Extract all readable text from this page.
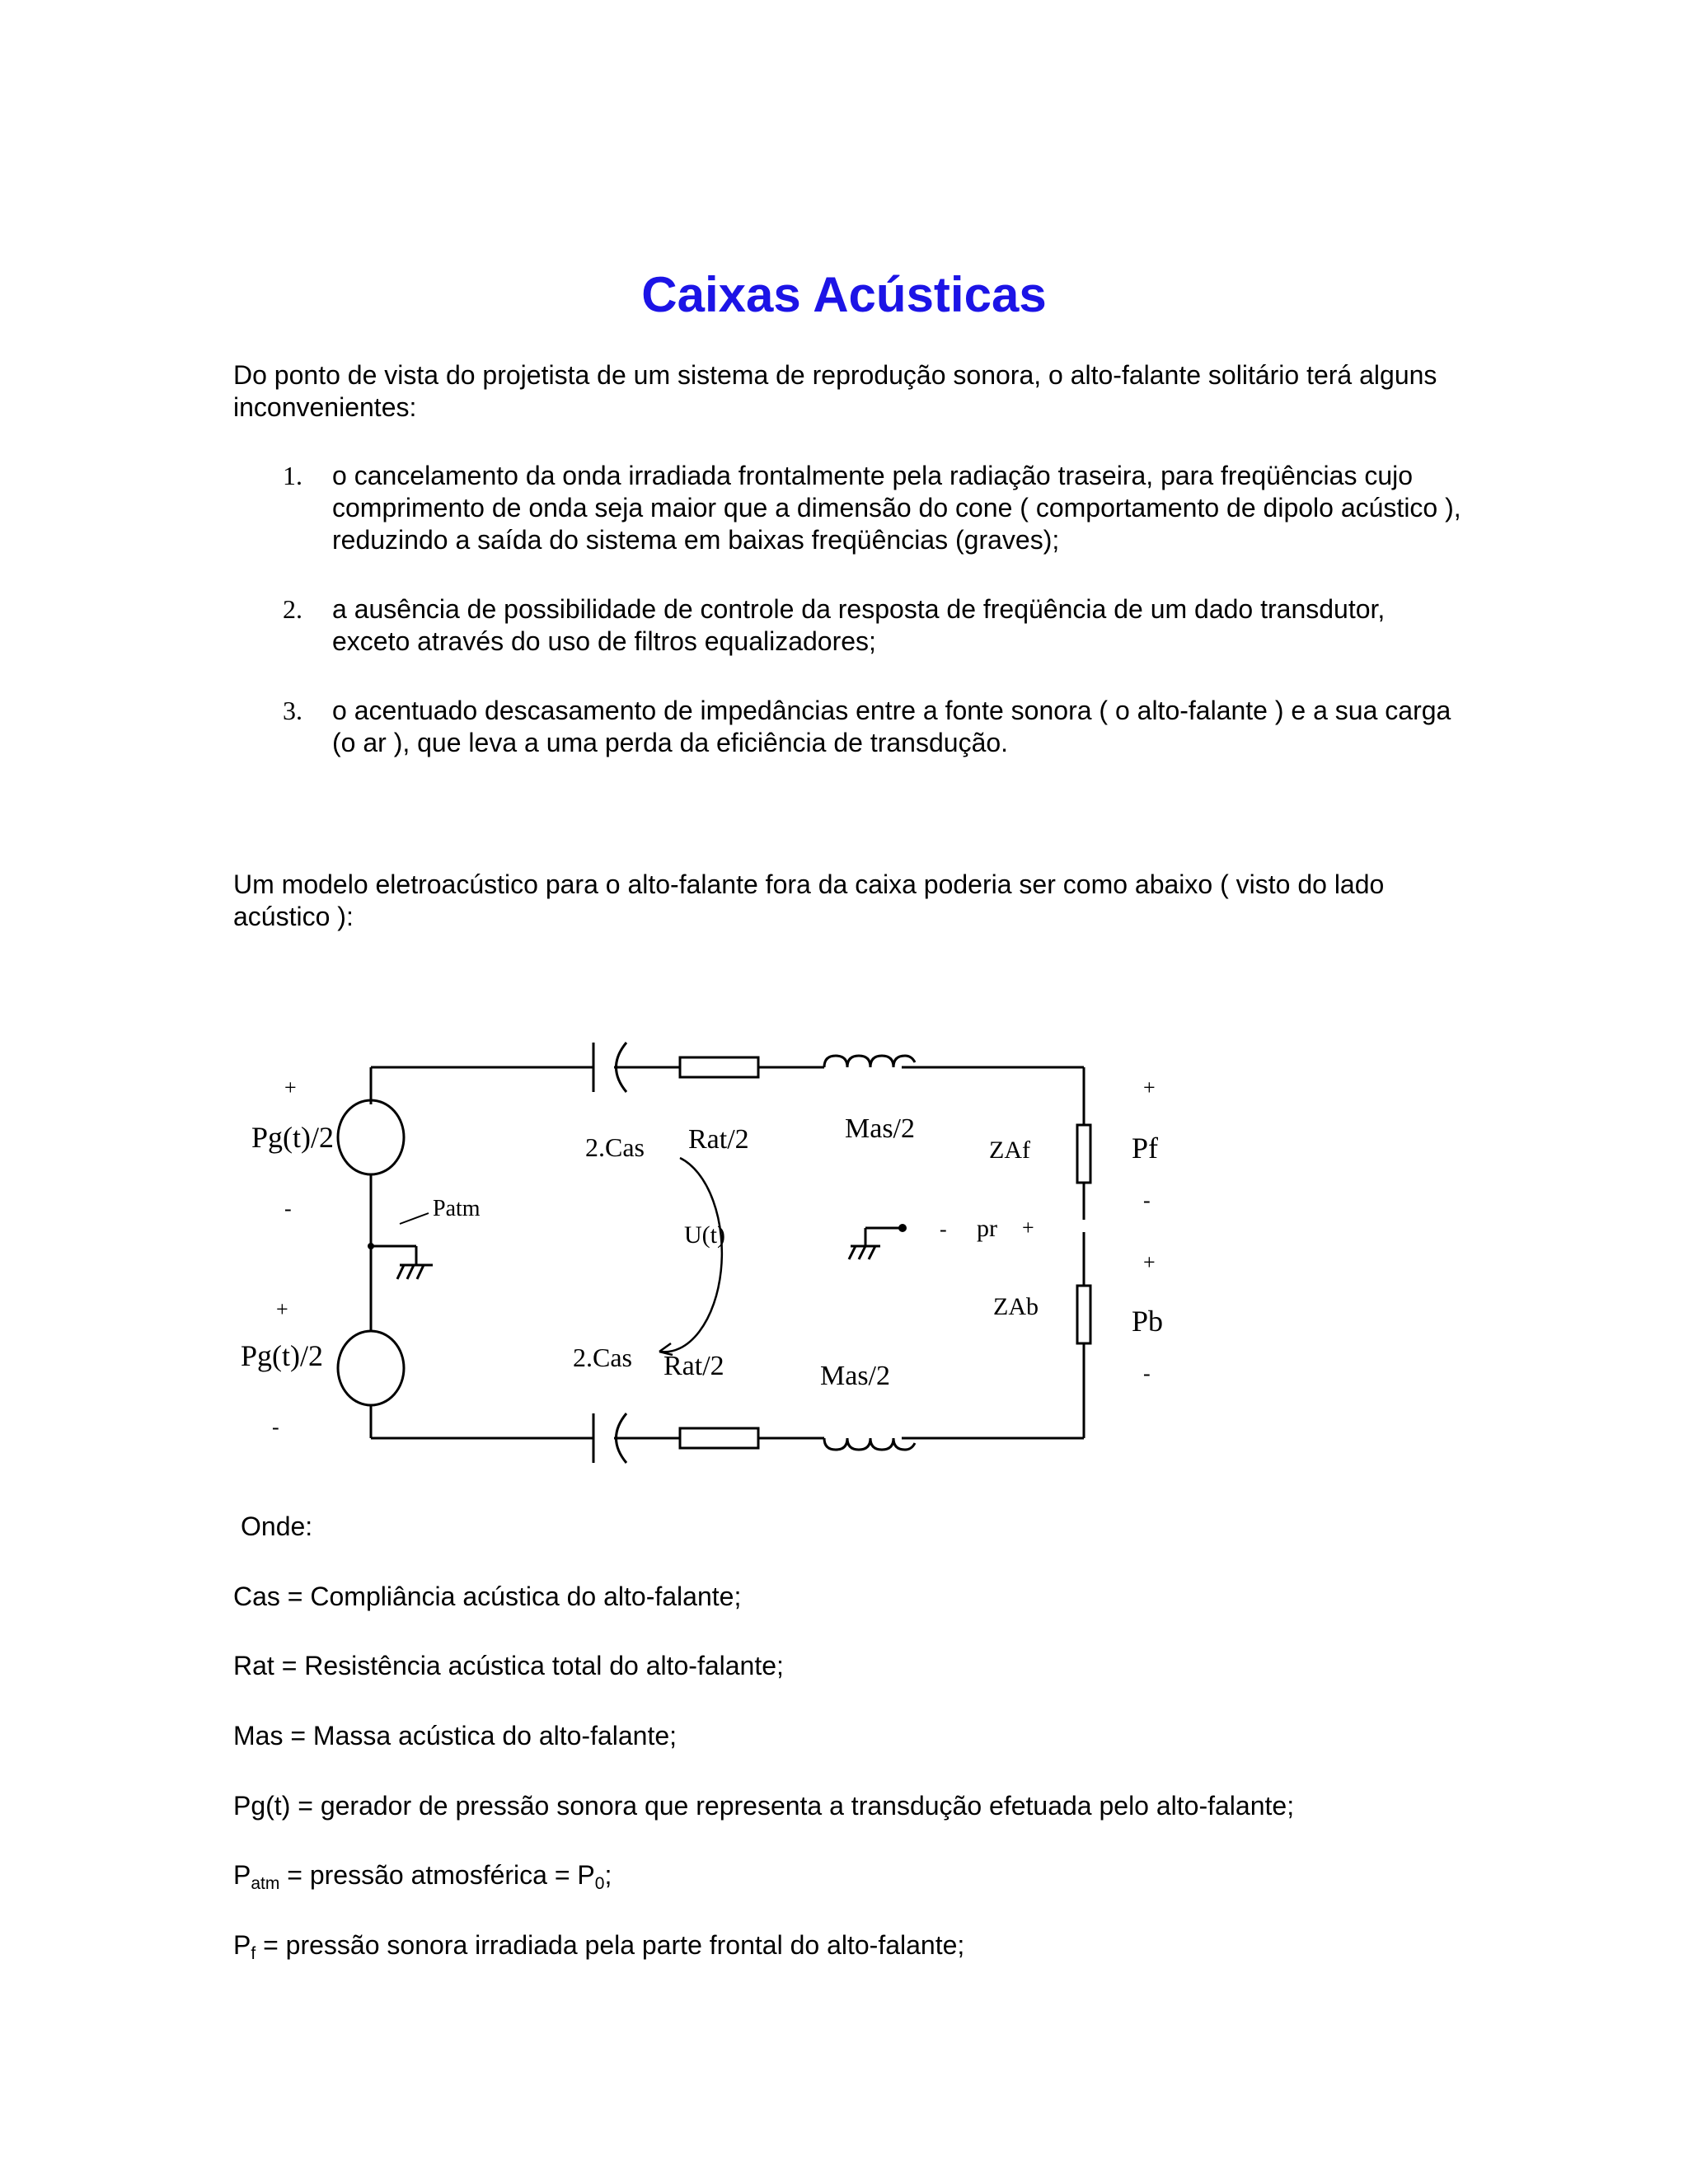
Caixas Acústicas

Do ponto de vista do projetista de um sistema de reprodução sonora, o alto-falante solitário terá alguns inconvenientes:

1.	o cancelamento da onda irradiada frontalmente pela radiação traseira, para freqüências cujo comprimento de onda seja maior que a dimensão do cone ( comportamento de dipolo acústico ), reduzindo a saída do sistema em baixas freqüências (graves);
2.	a ausência de possibilidade de controle da resposta de freqüência de um dado transdutor, exceto através do uso de filtros equalizadores;
3.	o acentuado descasamento de impedâncias entre a fonte sonora ( o alto-falante ) e a sua carga (o ar ), que leva a uma perda da eficiência de transdução.

Um modelo eletroacústico para o alto-falante fora da caixa poderia ser como abaixo ( visto do lado acústico ):

+
Pg(t)/2
-	Patm
+
Pg(t)/2
-
2.Cas Rat/2	Mas/2
U(t)
2.Cas Rat/2	Mas/2
ZAf
ZAb
- pr +
+
Pf
-
+
Pb
-

Onde:

Cas = Compliância acústica do alto-falante;

Rat = Resistência acústica total do alto-falante;

Mas = Massa acústica do alto-falante;

Pg(t) = gerador de pressão sonora que representa a transdução efetuada pelo alto-falante;

$P_{atm}$ = pressão atmosférica = $P_0$;

$P_f$ = pressão sonora irradiada pela parte frontal do alto-falante;
